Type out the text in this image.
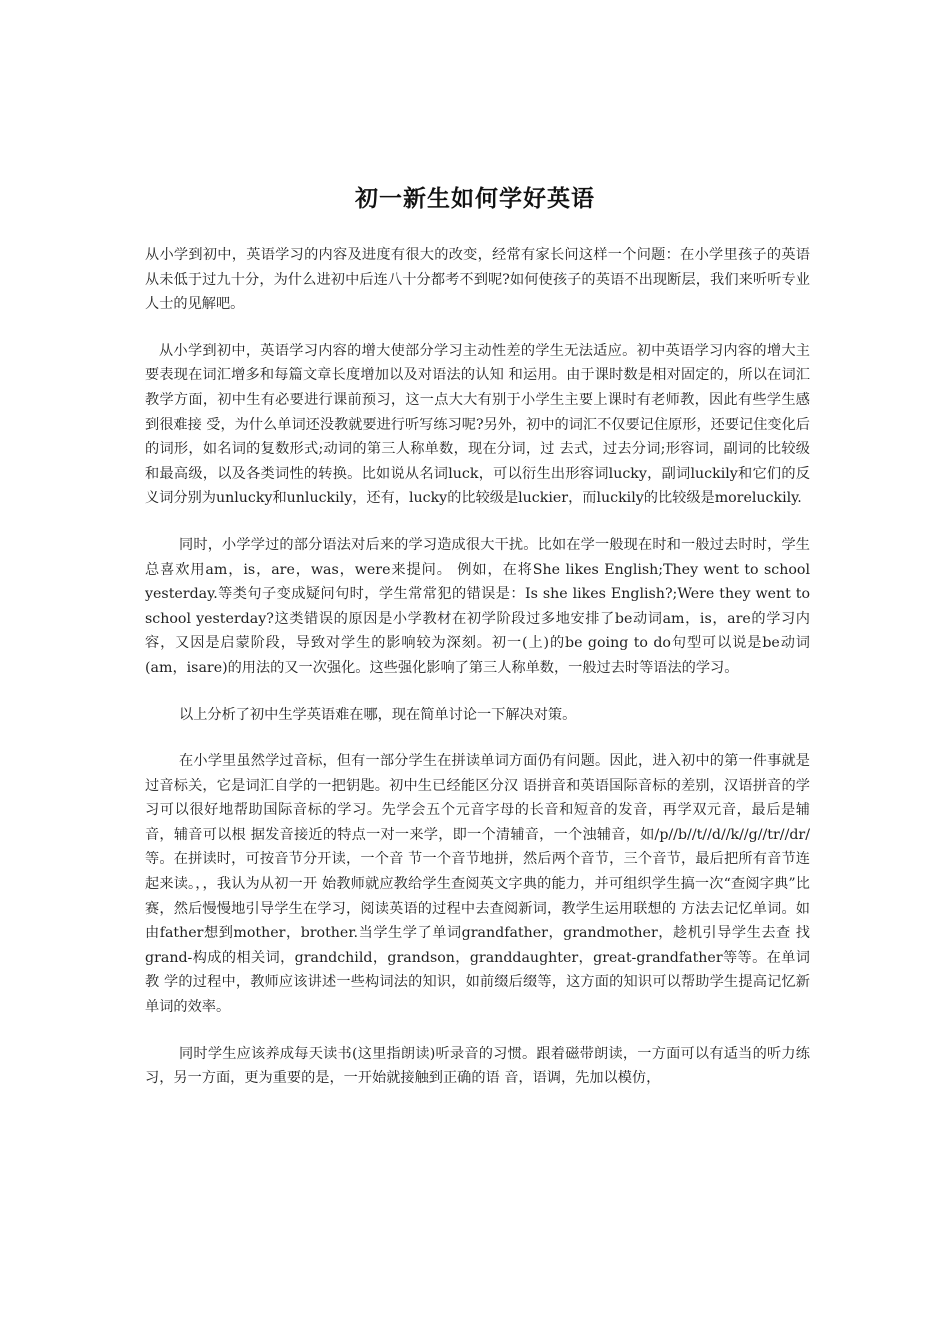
初一新生如何学好英语

从小学到初中，英语学习的内容及进度有很大的改变，经常有家长问这样一个问题：在小学里孩子的英语从未低于过九十分，为什么进初中后连八十分都考不到呢?如何使孩子的英语不出现断层，我们来听听专业人士的见解吧。

从小学到初中，英语学习内容的增大使部分学习主动性差的学生无法适应。初中英语学习内容的增大主要表现在词汇增多和每篇文章长度增加以及对语法的认知 和运用。由于课时数是相对固定的，所以在词汇教学方面，初中生有必要进行课前预习，这一点大大有别于小学生主要上课时有老师教，因此有些学生感到很难接 受，为什么单词还没教就要进行听写练习呢?另外，初中的词汇不仅要记住原形，还要记住变化后的词形，如名词的复数形式;动词的第三人称单数，现在分词，过 去式，过去分词;形容词，副词的比较级和最高级，以及各类词性的转换。比如说从名词luck，可以衍生出形容词lucky，副词luckily和它们的反 义词分别为unlucky和unluckily，还有，lucky的比较级是luckier，而luckily的比较级是moreluckily.

同时，小学学过的部分语法对后来的学习造成很大干扰。比如在学一般现在时和一般过去时时，学生总喜欢用am，is，are，was，were来提问。 例如，在将She likes English;They went to school yesterday.等类句子变成疑问句时，学生常常犯的错误是：Is she likes English?;Were they went to school yesterday?这类错误的原因是小学教材在初学阶段过多地安排了be动词am，is，are的学习内容，又因是启蒙阶段，导致对学生的影响较为深刻。初一(上)的be going to do句型可以说是be动词(am，isare)的用法的又一次强化。这些强化影响了第三人称单数，一般过去时等语法的学习。

以上分析了初中生学英语难在哪，现在简单讨论一下解决对策。

在小学里虽然学过音标，但有一部分学生在拼读单词方面仍有问题。因此，进入初中的第一件事就是过音标关，它是词汇自学的一把钥匙。初中生已经能区分汉 语拼音和英语国际音标的差别，汉语拼音的学习可以很好地帮助国际音标的学习。先学会五个元音字母的长音和短音的发音，再学双元音，最后是辅音，辅音可以根 据发音接近的特点一对一来学，即一个清辅音，一个浊辅音，如/p//b//t//d//k//g//tr//dr/等。在拼读时，可按音节分开读，一个音 节一个音节地拼，然后两个音节，三个音节，最后把所有音节连起来读。，，我认为从初一开 始教师就应教给学生查阅英文字典的能力，并可组织学生搞一次“查阅字典”比赛，然后慢慢地引导学生在学习，阅读英语的过程中去查阅新词，教学生运用联想的 方法去记忆单词。如由father想到mother，brother.当学生学了单词grandfather，grandmother，趁机引导学生去查 找grand-构成的相关词，grandchild，grandson，granddaughter，great-grandfather等等。在单词教 学的过程中，教师应该讲述一些构词法的知识，如前缀后缀等，这方面的知识可以帮助学生提高记忆新单词的效率。

同时学生应该养成每天读书(这里指朗读)听录音的习惯。跟着磁带朗读，一方面可以有适当的听力练习，另一方面，更为重要的是，一开始就接触到正确的语 音，语调，先加以模仿，
